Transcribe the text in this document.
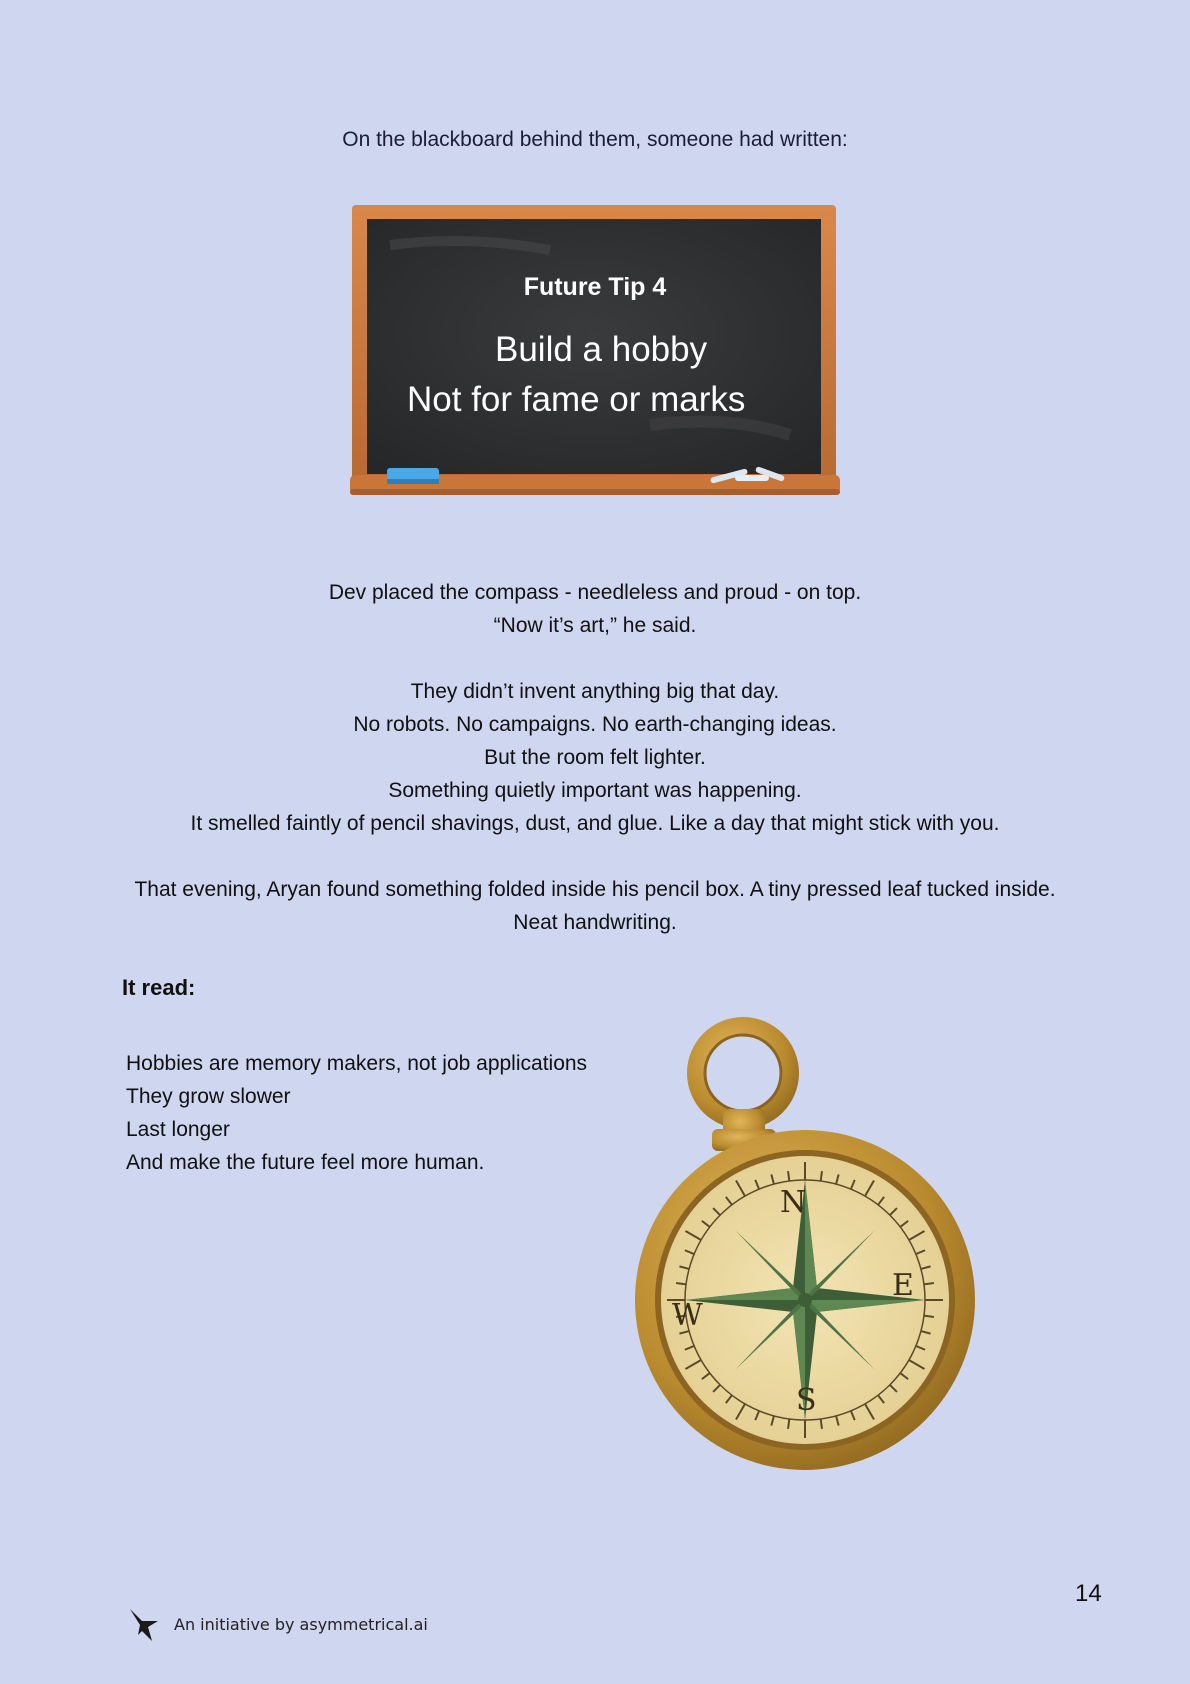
On the blackboard behind them, someone had written:
Future Tip 4
Build a hobby
Not for fame or marks
Dev placed the compass - needleless and proud - on top.
“Now it’s art,” he said.
They didn’t invent anything big that day.
No robots. No campaigns. No earth-changing ideas.
But the room felt lighter.
Something quietly important was happening.
It smelled faintly of pencil shavings, dust, and glue. Like a day that might stick with you.
That evening, Aryan found something folded inside his pencil box. A tiny pressed leaf tucked inside. Neat handwriting.
It read:
Hobbies are memory makers, not job applications
They grow slower
Last longer
And make the future feel more human.
N
E
S
W
14
An initiative by asymmetrical.ai
